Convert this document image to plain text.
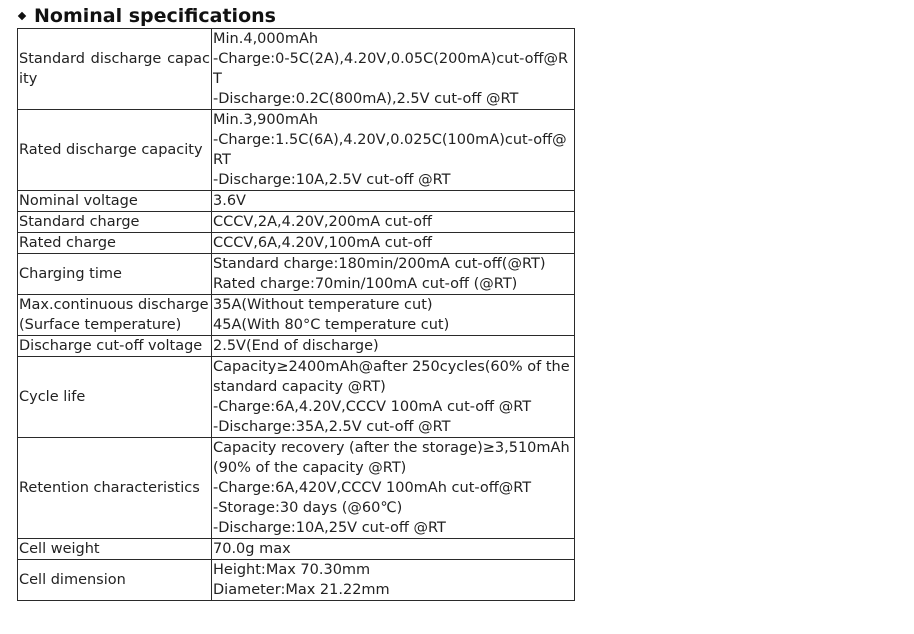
Nominal specifications
Standard discharge capacity	Min.4,000mAh
-Charge:0-5C(2A),4.20V,0.05C(200mA)cut-off@RT
-Discharge:0.2C(800mA),2.5V cut-off @RT

Rated discharge capacity	Min.3,900mAh
-Charge:1.5C(6A),4.20V,0.025C(100mA)cut-off@RT
-Discharge:10A,2.5V cut-off @RT

Nominal voltage	3.6V

Standard charge	CCCV,2A,4.20V,200mA cut-off

Rated charge	CCCV,6A,4.20V,100mA cut-off

Charging time	Standard charge:180min/200mA cut-off(@RT)
Rated charge:70min/100mA cut-off (@RT)

Max.continuous discharge
(Surface temperature)	35A(Without temperature cut)
45A(With 80°C temperature cut)

Discharge cut-off voltage	2.5V(End of discharge)

Cycle life	Capacity≥2400mAh@after 250cycles(60% of the standard capacity @RT)
-Charge:6A,4.20V,CCCV 100mA cut-off @RT
-Discharge:35A,2.5V cut-off @RT

Retention characteristics	Capacity recovery (after the storage)≥3,510mAh (90% of the capacity @RT)
-Charge:6A,420V,CCCV 100mAh cut-off@RT
-Storage:30 days (@60℃)
-Discharge:10A,25V cut-off @RT

Cell weight	70.0g max

Cell dimension	Height:Max 70.30mm
Diameter:Max 21.22mm
